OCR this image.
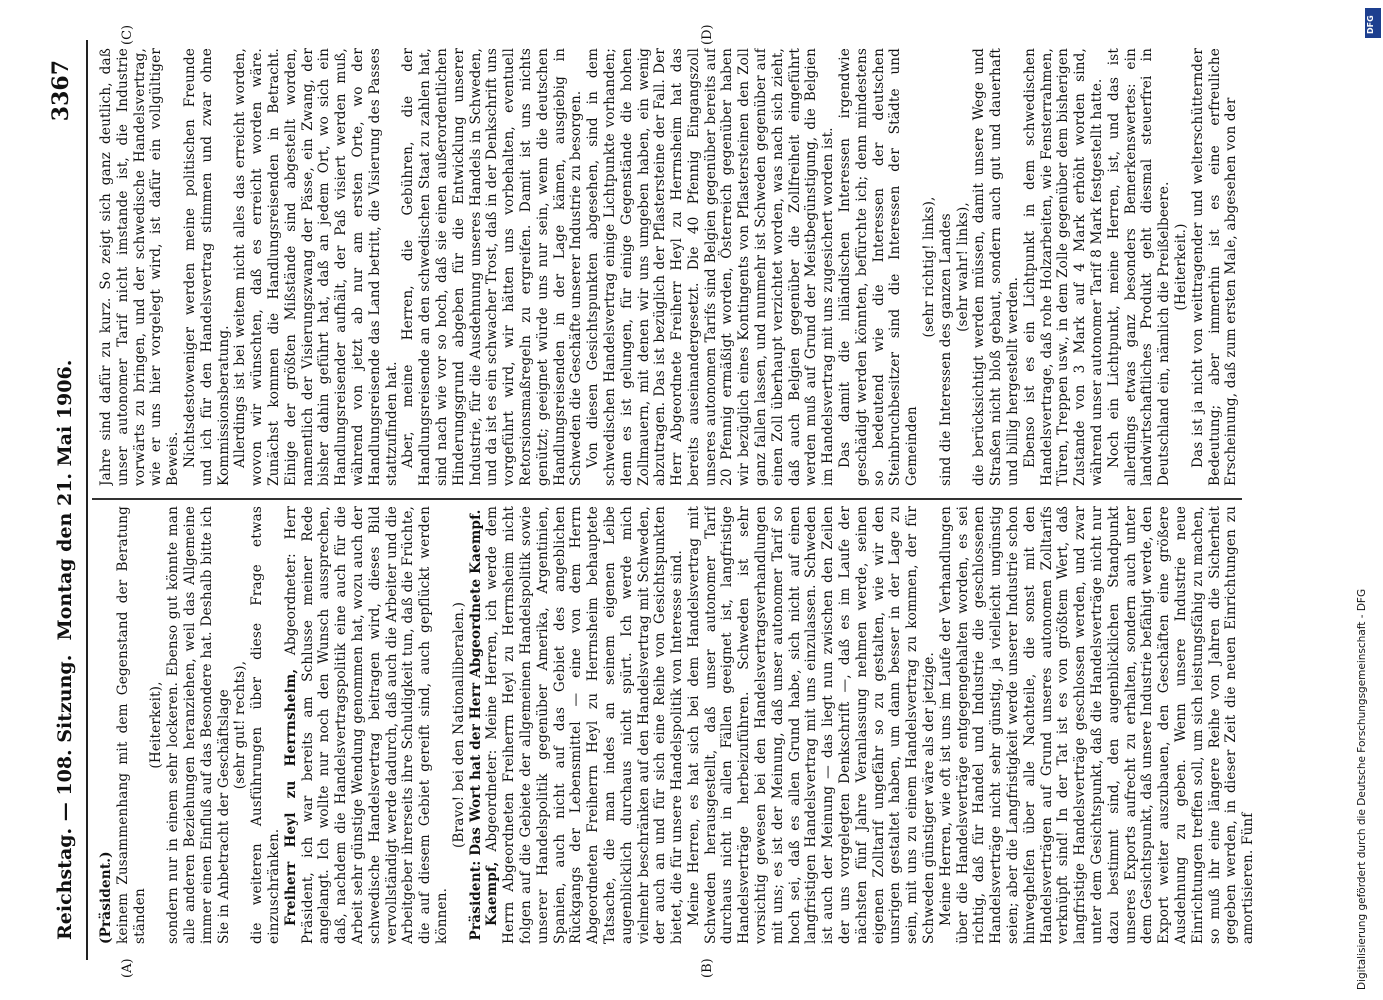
Reichstag. — 108. Sitzung.
Montag den 21. Mai 1906.
3367
(A)	(B)
(C)	(D)

(Präsident.) keinem Zusammenhang mit dem Gegenstand der Beratung ständen

(Heiterkeit), sondern nur in einem sehr lockeren. Ebenso gut könnte man alle anderen Beziehungen heranziehen, weil das Allgemeine immer einen Einfluß auf das Besondere hat. Deshalb bitte ich Sie in Anbetracht der Geschäftslage (sehr gut! rechts), die weiteren Ausführungen über diese Frage etwas einzuschränken. Freiherr Heyl zu Herrnsheim, Abgeordneter: Herr Präsident, ich war bereits am Schlusse meiner Rede angelangt. Ich wollte nur noch den Wunsch aussprechen, daß, nachdem die Handelsvertragspolitik eine auch für die Arbeit sehr günstige Wendung genommen hat, wozu auch der schwedische Handelsvertrag beitragen wird, dieses Bild vervollständigt werde dadurch, daß auch die Arbeiter und die Arbeitgeber ihrerseits ihre Schuldigkeit tun, daß die Früchte, die auf diesem Gebiet gereift sind, auch gepflückt werden können.

(Bravo! bei den Nationalliberalen.) Präsident: Das Wort hat der Herr Abgeordnete Kaempf. Kaempf, Abgeordneter: Meine Herren, ich werde dem Herrn Abgeordneten Freiherrn Heyl zu Herrnsheim nicht folgen auf die Gebiete der allgemeinen Handelspolitik sowie unserer Handelspolitik gegenüber Amerika, Argentinien, Spanien, auch nicht auf das Gebiet des angeblichen Rückgangs der Lebensmittel — eine von dem Herrn Abgeordneten Freiherrn Heyl zu Herrnsheim behauptete Tatsache, die man indes an seinem eigenen Leibe augenblicklich durchaus nicht spürt. Ich werde mich vielmehr beschränken auf den Handelsvertrag mit Schweden, der auch an und für sich eine Reihe von Gesichtspunkten bietet, die für unsere Handelspolitik von Interesse sind. Meine Herren, es hat sich bei dem Handelsvertrag mit Schweden herausgestellt, daß unser autonomer Tarif durchaus nicht in allen Fällen geeignet ist, langfristige Handelsverträge herbeizuführen. Schweden ist sehr vorsichtig gewesen bei den Handelsvertragsverhandlungen mit uns; es ist der Meinung, daß unser autonomer Tarif so hoch sei, daß es allen Grund habe, sich nicht auf einen langfristigen Handelsvertrag mit uns einzulassen. Schweden ist auch der Meinung — das liegt nun zwischen den Zeilen der uns vorgelegten Denkschrift —, daß es im Laufe der nächsten fünf Jahre Veranlassung nehmen werde, seinen eigenen Zolltarif ungefähr so zu gestalten, wie wir den unsrigen gestaltet haben, um dann besser in der Lage zu sein, mit uns zu einem Handelsvertrag zu kommen, der für Schweden günstiger wäre als der jetzige. Meine Herren, wie oft ist uns im Laufe der Verhandlungen über die Handelsverträge entgegengehalten worden, es sei richtig, daß für Handel und Industrie die geschlossenen Handelsverträge nicht sehr günstig, ja vielleicht ungünstig seien; aber die Langfristigkeit werde unserer Industrie schon hinweghelfen über alle Nachteile, die sonst mit den Handelsverträgen auf Grund unseres autonomen Zolltarifs verknüpft sind! In der Tat ist es von größtem Wert, daß langfristige Handelsverträge geschlossen werden, und zwar unter dem Gesichtspunkt, daß die Handelsverträge nicht nur dazu bestimmt sind, den augenblicklichen Standpunkt unseres Exports aufrecht zu erhalten, sondern auch unter dem Gesichtspunkt, daß unsere Industrie befähigt werde, den Export weiter auszubauen, den Geschäften eine größere Ausdehnung zu geben. Wenn unsere Industrie neue Einrichtungen treffen soll, um sich leistungsfähig zu machen, so muß ihr eine längere Reihe von Jahren die Sicherheit gegeben werden, in dieser Zeit die neuen Einrichtungen zu amortisieren. Fünf

Jahre sind dafür zu kurz. So zeigt sich ganz deutlich, daß unser autonomer Tarif nicht imstande ist, die Industrie vorwärts zu bringen, und der schwedische Handelsvertrag, wie er uns hier vorgelegt wird, ist dafür ein vollgültiger Beweis. Nichtsdestoweniger werden meine politischen Freunde und ich für den Handelsvertrag stimmen und zwar ohne Kommissionsberatung. Allerdings ist bei weitem nicht alles das erreicht worden, wovon wir wünschten, daß es erreicht worden wäre. Zunächst kommen die Handlungsreisenden in Betracht. Einige der größten Mißstände sind abgestellt worden, namentlich der Visierungszwang der Pässe, ein Zwang, der bisher dahin geführt hat, daß an jedem Ort, wo sich ein Handlungsreisender aufhält, der Paß visiert werden muß, während von jetzt ab nur am ersten Orte, wo der Handlungsreisende das Land betritt, die Visierung des Passes stattzufinden hat. Aber, meine Herren, die Gebühren, die der Handlungsreisende an den schwedischen Staat zu zahlen hat, sind nach wie vor so hoch, daß sie einen außerordentlichen Hinderungsgrund abgeben für die Entwicklung unserer Industrie, für die Ausdehnung unseres Handels in Schweden, und da ist es ein schwacher Trost, daß in der Denkschrift uns vorgeführt wird, wir hätten uns vorbehalten, eventuell Retorsionsmaßregeln zu ergreifen. Damit ist uns nichts genützt; geeignet würde uns nur sein, wenn die deutschen Handlungsreisenden in der Lage kämen, ausgiebig in Schweden die Geschäfte unserer Industrie zu besorgen. Von diesen Gesichtspunkten abgesehen, sind in dem schwedischen Handelsvertrag einige Lichtpunkte vorhanden; denn es ist gelungen, für einige Gegenstände die hohen Zollmauern, mit denen wir uns umgeben haben, ein wenig abzutragen. Das ist bezüglich der Pflastersteine der Fall. Der Herr Abgeordnete Freiherr Heyl zu Herrnsheim hat das bereits auseinandergesetzt. Die 40 Pfennig Eingangszoll unseres autonomen Tarifs sind Belgien gegenüber bereits auf 20 Pfennig ermäßigt worden, Österreich gegenüber haben wir bezüglich eines Kontingents von Pflastersteinen den Zoll ganz fallen lassen, und nunmehr ist Schweden gegenüber auf einen Zoll überhaupt verzichtet worden, was nach sich zieht, daß auch Belgien gegenüber die Zollfreiheit eingeführt werden muß auf Grund der Meistbegünstigung, die Belgien im Handelsvertrag mit uns zugesichert worden ist. Das damit die inländischen Interessen irgendwie geschädigt werden könnten, befürchte ich; denn mindestens so bedeutend wie die Interessen der deutschen Steinbruchbesitzer sind die Interessen der Städte und Gemeinden

(sehr richtig! links), sind die Interessen des ganzen Landes (sehr wahr! links), die berücksichtigt werden müssen, damit unsere Wege und Straßen nicht bloß gebaut, sondern auch gut und dauerhaft und billig hergestellt werden. Ebenso ist es ein Lichtpunkt in dem schwedischen Handelsvertrage, daß rohe Holzarbeiten, wie Fensterrahmen, Türen, Treppen usw., in dem Zolle gegenüber dem bisherigen Zustande von 3 Mark auf 4 Mark erhöht worden sind, während unser autonomer Tarif 8 Mark festgestellt hatte. Noch ein Lichtpunkt, meine Herren, ist, und das ist allerdings etwas ganz besonders Bemerkenswertes: ein landwirtschaftliches Produkt geht diesmal steuerfrei in Deutschland ein, nämlich die Preißelbeere. (Heiterkeit.) Das ist ja nicht von weittragender und welterschütternder Bedeutung; aber immerhin ist es eine erfreuliche Erscheinung, daß zum ersten Male, abgesehen von der

Digitalisierung gefördert durch die Deutsche Forschungsgemeinschaft - DFG
DFG
